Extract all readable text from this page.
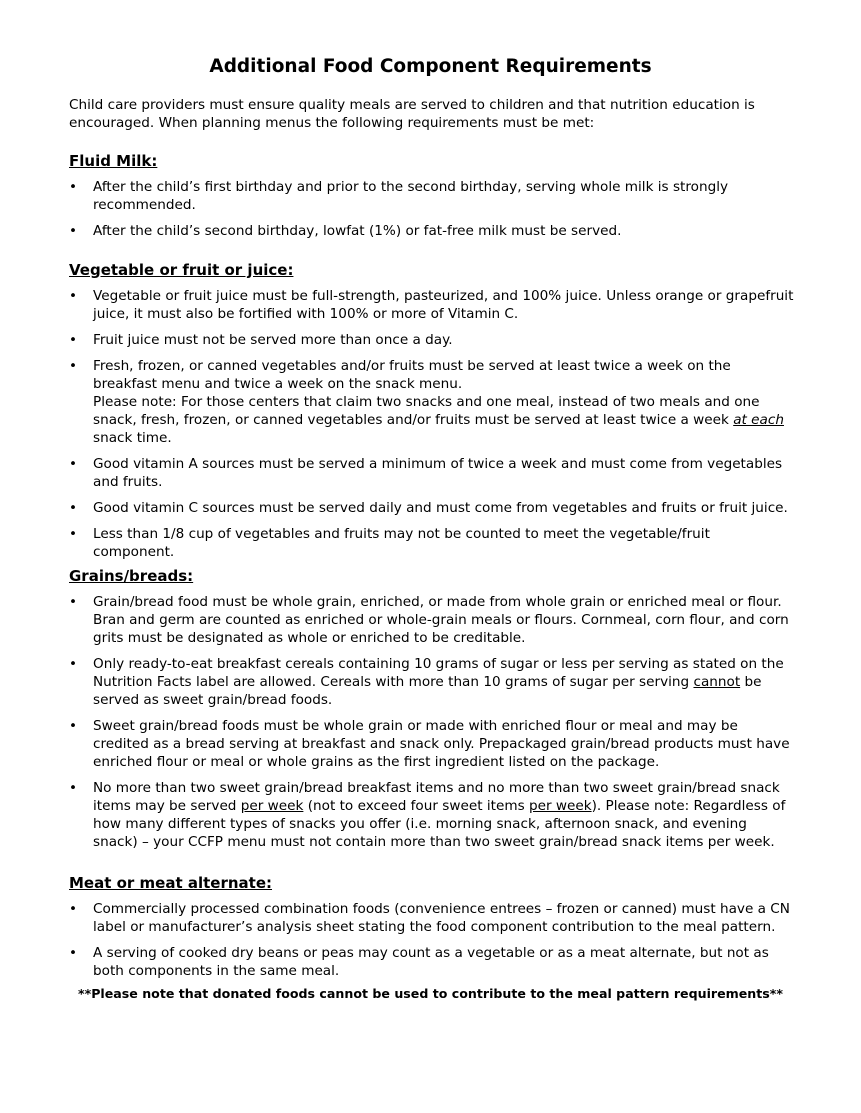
Additional Food Component Requirements

Child care providers must ensure quality meals are served to children and that nutrition education is encouraged. When planning menus the following requirements must be met:

Fluid Milk:
• After the child’s first birthday and prior to the second birthday, serving whole milk is strongly recommended.
• After the child’s second birthday, lowfat (1%) or fat-free milk must be served.
Vegetable or fruit or juice:
• Vegetable or fruit juice must be full-strength, pasteurized, and 100% juice. Unless orange or grapefruit juice, it must also be fortified with 100% or more of Vitamin C.
• Fruit juice must not be served more than once a day.
• Fresh, frozen, or canned vegetables and/or fruits must be served at least twice a week on the breakfast menu and twice a week on the snack menu.
Please note: For those centers that claim two snacks and one meal, instead of two meals and one snack, fresh, frozen, or canned vegetables and/or fruits must be served at least twice a week at each snack time.
• Good vitamin A sources must be served a minimum of twice a week and must come from vegetables and fruits.
• Good vitamin C sources must be served daily and must come from vegetables and fruits or fruit juice.
• Less than 1/8 cup of vegetables and fruits may not be counted to meet the vegetable/fruit component.
Grains/breads:
• Grain/bread food must be whole grain, enriched, or made from whole grain or enriched meal or flour. Bran and germ are counted as enriched or whole-grain meals or flours. Cornmeal, corn flour, and corn grits must be designated as whole or enriched to be creditable.
• Only ready-to-eat breakfast cereals containing 10 grams of sugar or less per serving as stated on the Nutrition Facts label are allowed. Cereals with more than 10 grams of sugar per serving cannot be served as sweet grain/bread foods.
• Sweet grain/bread foods must be whole grain or made with enriched flour or meal and may be credited as a bread serving at breakfast and snack only. Prepackaged grain/bread products must have enriched flour or meal or whole grains as the first ingredient listed on the package.
• No more than two sweet grain/bread breakfast items and no more than two sweet grain/bread snack items may be served per week (not to exceed four sweet items per week). Please note: Regardless of how many different types of snacks you offer (i.e. morning snack, afternoon snack, and evening snack) – your CCFP menu must not contain more than two sweet grain/bread snack items per week.
Meat or meat alternate:
• Commercially processed combination foods (convenience entrees – frozen or canned) must have a CN label or manufacturer’s analysis sheet stating the food component contribution to the meal pattern.
• A serving of cooked dry beans or peas may count as a vegetable or as a meat alternate, but not as both components in the same meal.

**Please note that donated foods cannot be used to contribute to the meal pattern requirements**
